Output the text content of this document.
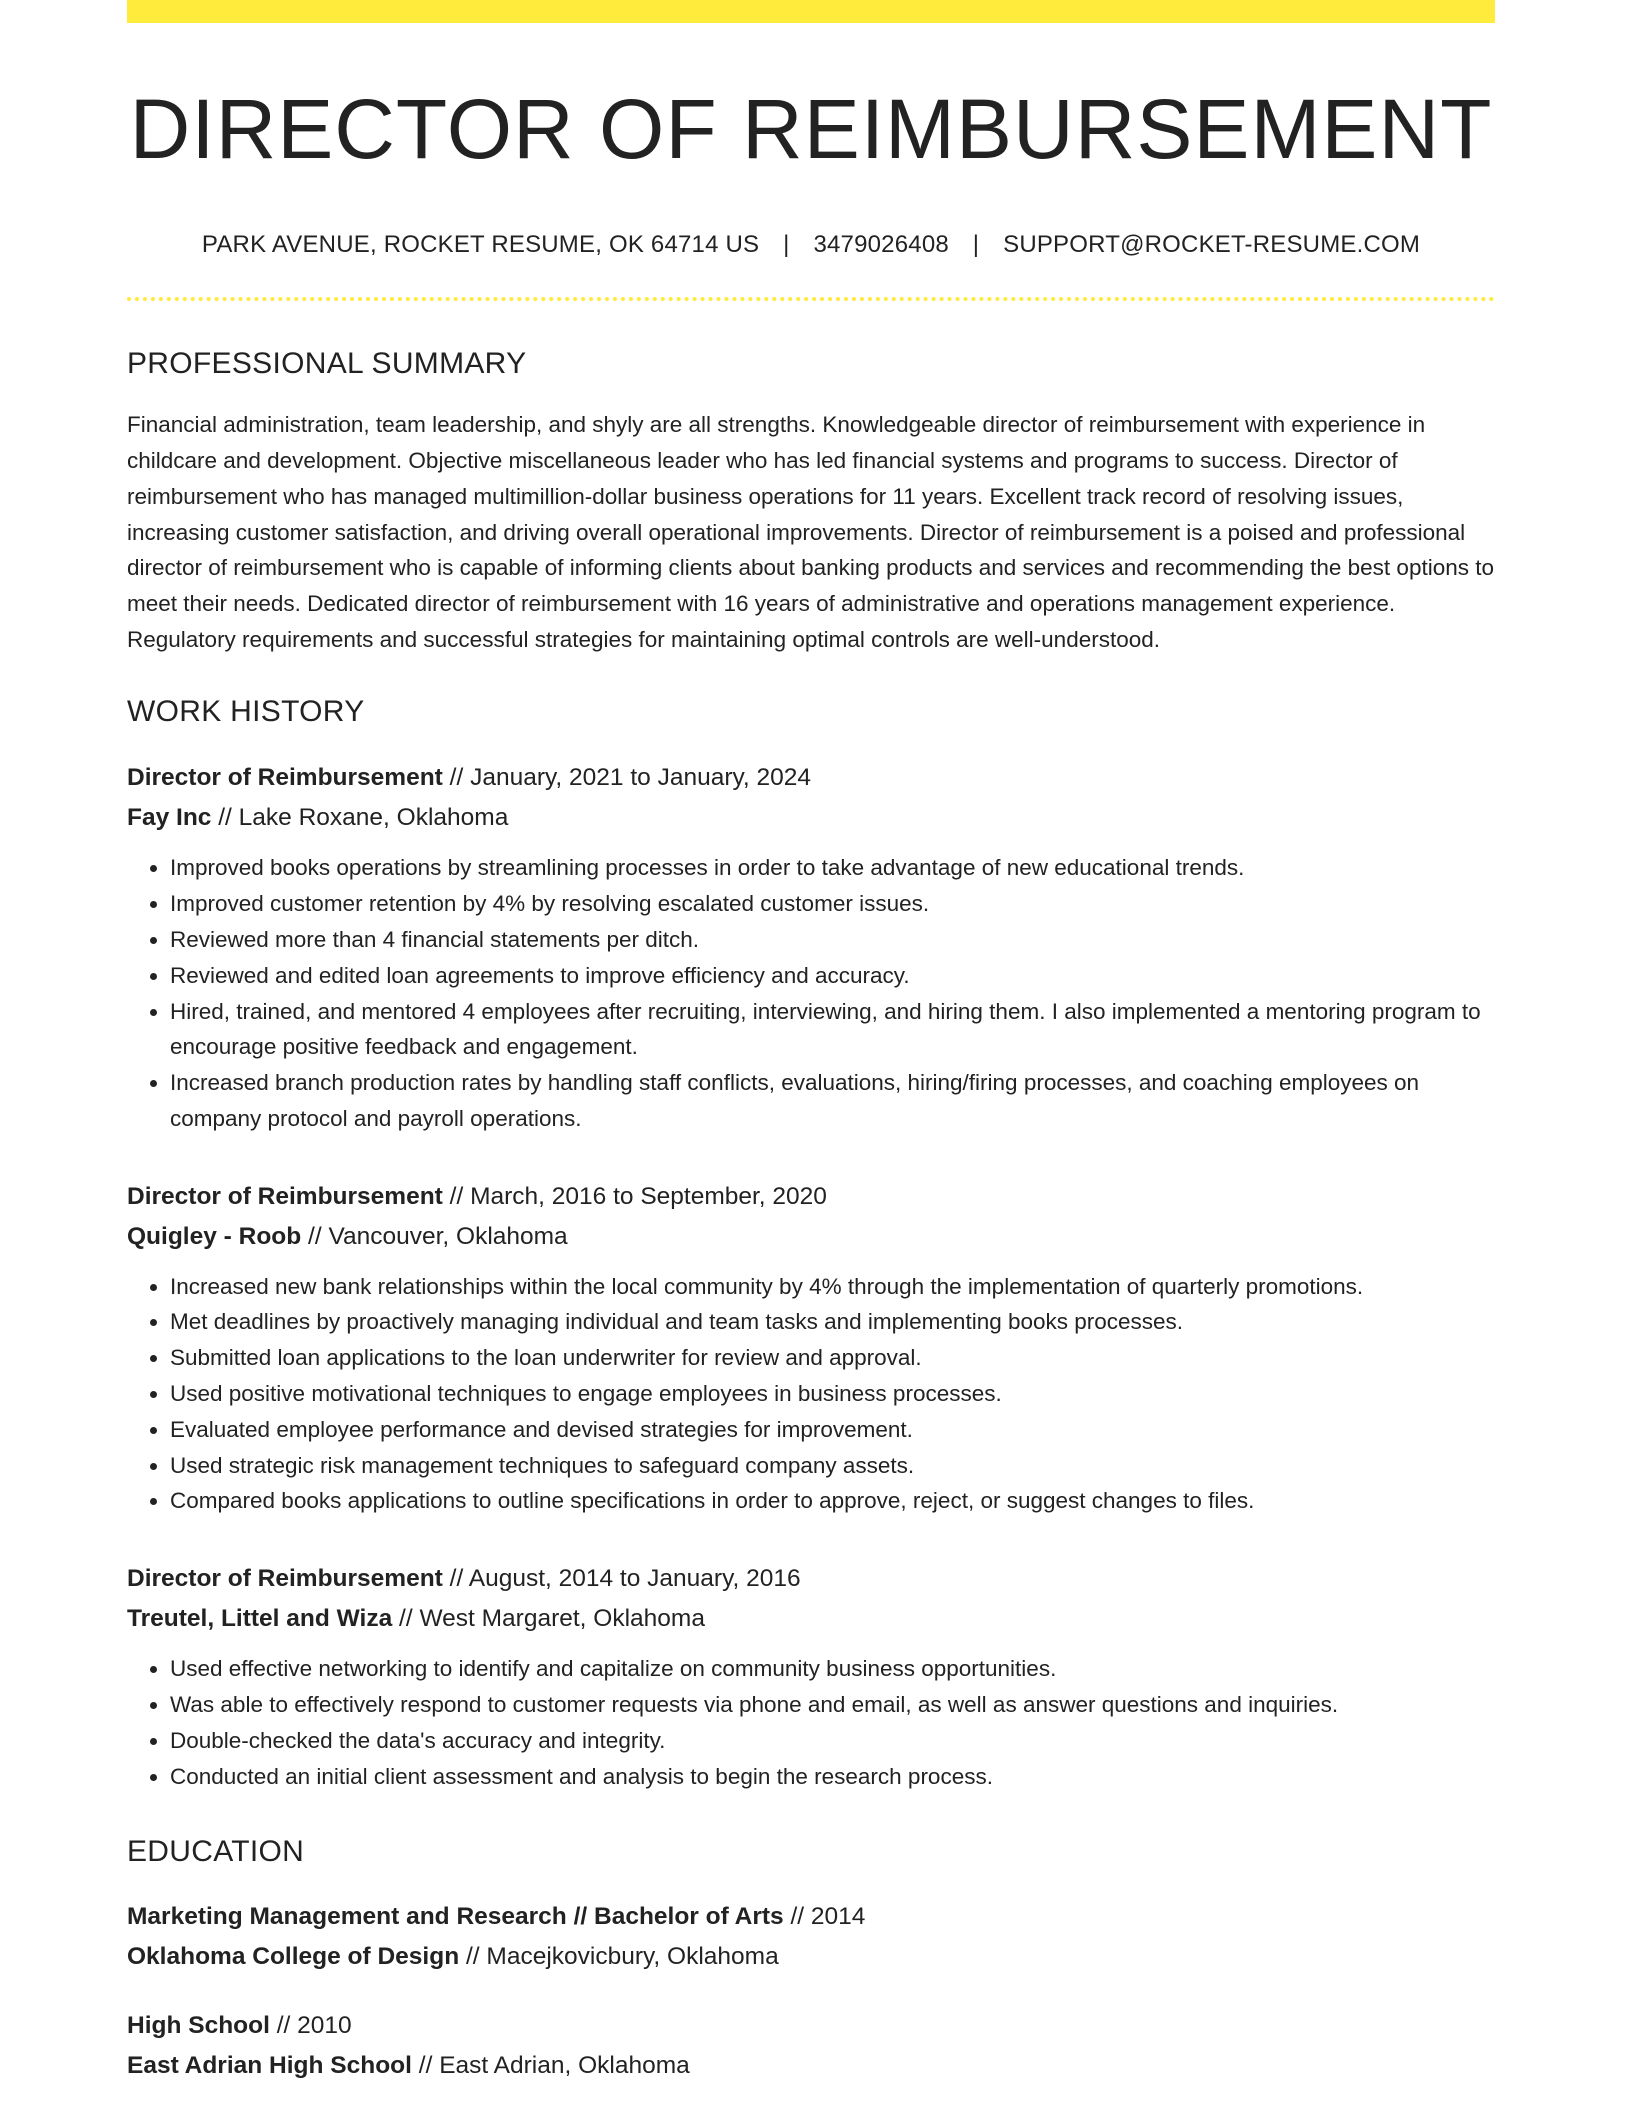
DIRECTOR OF REIMBURSEMENT
PARK AVENUE, ROCKET RESUME, OK 64714 US | 3479026408 | SUPPORT@ROCKET-RESUME.COM
PROFESSIONAL SUMMARY

Financial administration, team leadership, and shyly are all strengths. Knowledgeable director of reimbursement with experience in childcare and development. Objective miscellaneous leader who has led financial systems and programs to success. Director of reimbursement who has managed multimillion-dollar business operations for 11 years. Excellent track record of resolving issues, increasing customer satisfaction, and driving overall operational improvements. Director of reimbursement is a poised and professional director of reimbursement who is capable of informing clients about banking products and services and recommending the best options to meet their needs. Dedicated director of reimbursement with 16 years of administrative and operations management experience. Regulatory requirements and successful strategies for maintaining optimal controls are well-understood.

WORK HISTORY
Director of Reimbursement // January, 2021 to January, 2024
Fay Inc // Lake Roxane, Oklahoma
• Improved books operations by streamlining processes in order to take advantage of new educational trends.
• Improved customer retention by 4% by resolving escalated customer issues.
• Reviewed more than 4 financial statements per ditch.
• Reviewed and edited loan agreements to improve efficiency and accuracy.
• Hired, trained, and mentored 4 employees after recruiting, interviewing, and hiring them. I also implemented a mentoring program to encourage positive feedback and engagement.
• Increased branch production rates by handling staff conflicts, evaluations, hiring/firing processes, and coaching employees on company protocol and payroll operations.
Director of Reimbursement // March, 2016 to September, 2020
Quigley - Roob // Vancouver, Oklahoma
• Increased new bank relationships within the local community by 4% through the implementation of quarterly promotions.
• Met deadlines by proactively managing individual and team tasks and implementing books processes.
• Submitted loan applications to the loan underwriter for review and approval.
• Used positive motivational techniques to engage employees in business processes.
• Evaluated employee performance and devised strategies for improvement.
• Used strategic risk management techniques to safeguard company assets.
• Compared books applications to outline specifications in order to approve, reject, or suggest changes to files.
Director of Reimbursement // August, 2014 to January, 2016
Treutel, Littel and Wiza // West Margaret, Oklahoma
• Used effective networking to identify and capitalize on community business opportunities.
• Was able to effectively respond to customer requests via phone and email, as well as answer questions and inquiries.
• Double-checked the data's accuracy and integrity.
• Conducted an initial client assessment and analysis to begin the research process.
EDUCATION
Marketing Management and Research // Bachelor of Arts // 2014
Oklahoma College of Design // Macejkovicbury, Oklahoma
High School // 2010
East Adrian High School // East Adrian, Oklahoma
